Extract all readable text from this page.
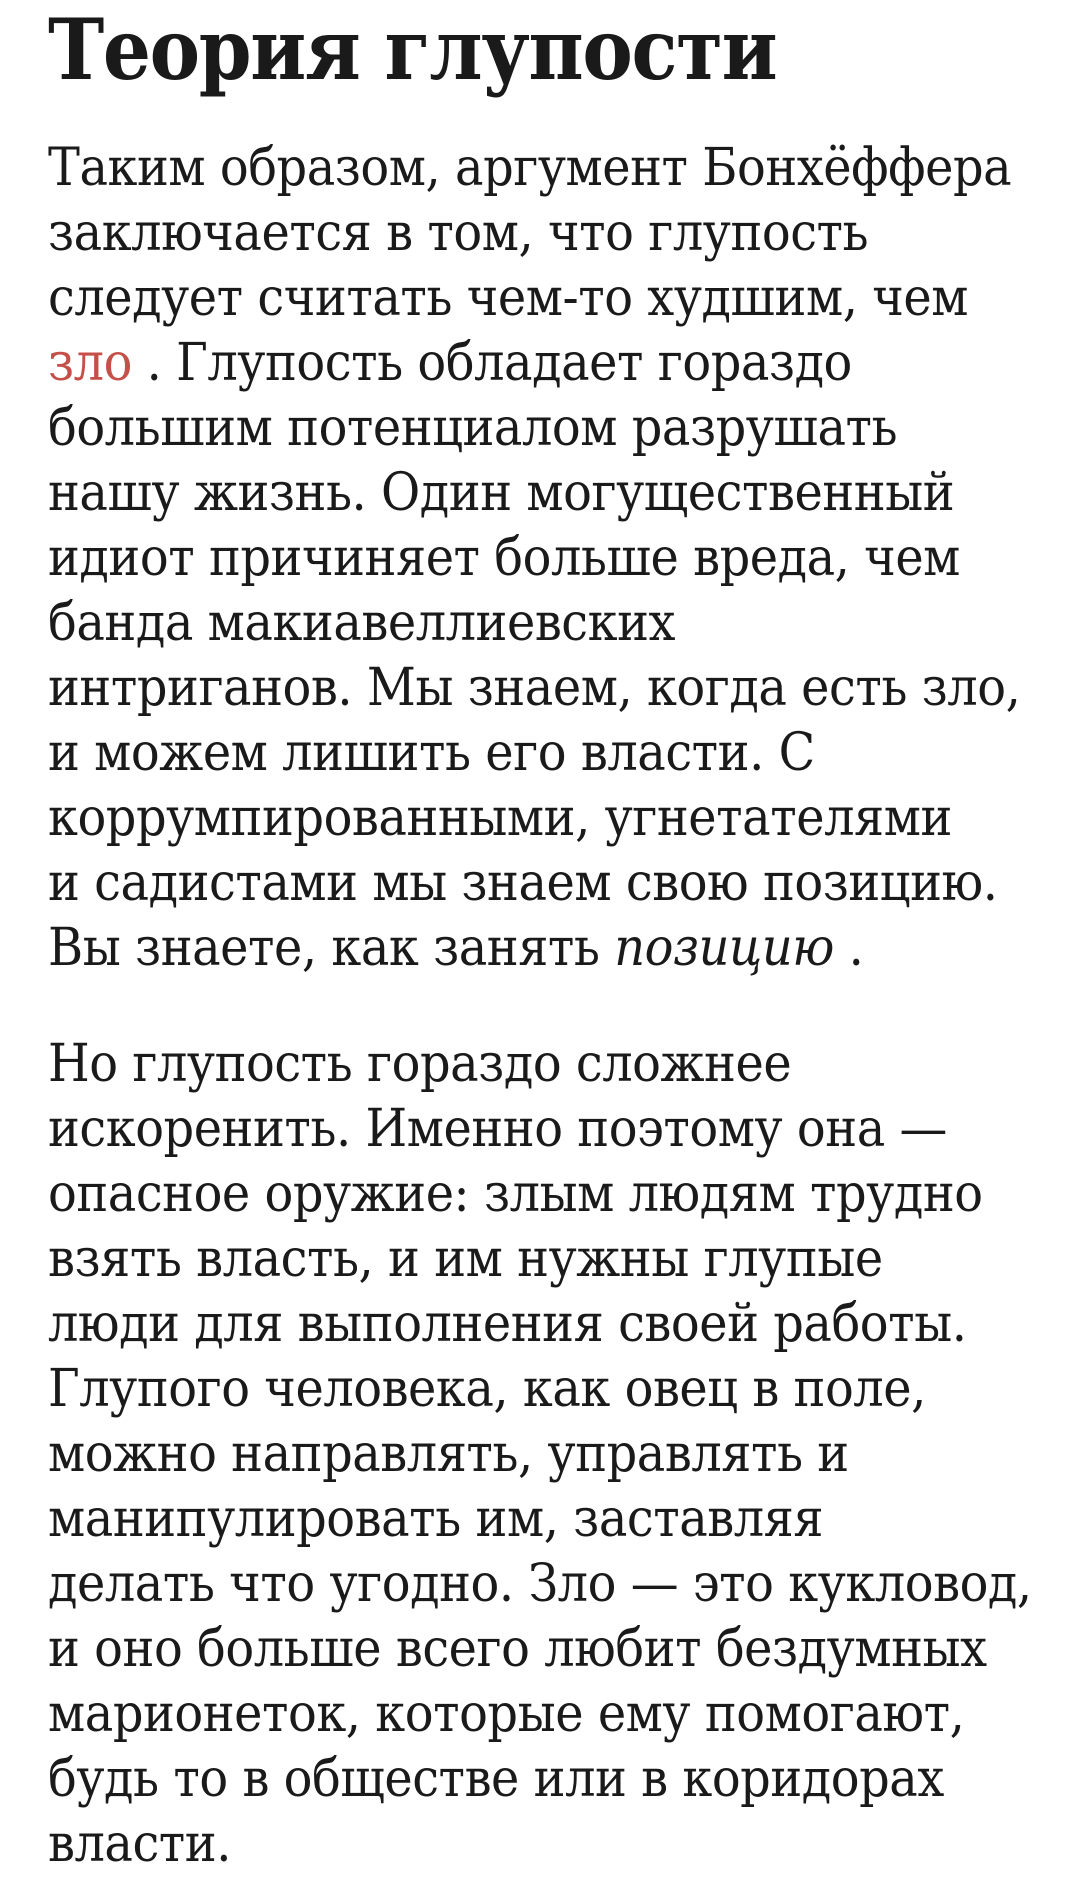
Теория глупости
Таким образом, аргумент Бонхёффера
заключается в том, что глупость
следует считать чем-то худшим, чем
зло . Глупость обладает гораздо
большим потенциалом разрушать
нашу жизнь. Один могущественный
идиот причиняет больше вреда, чем
банда макиавеллиевских
интриганов. Мы знаем, когда есть зло,
и можем лишить его власти. С
коррумпированными, угнетателями
и садистами мы знаем свою позицию.
Вы знаете, как занять позицию .
Но глупость гораздо сложнее
искоренить. Именно поэтому она —
опасное оружие: злым людям трудно
взять власть, и им нужны глупые
люди для выполнения своей работы.
Глупого человека, как овец в поле,
можно направлять, управлять и
манипулировать им, заставляя
делать что угодно. Зло — это кукловод,
и оно больше всего любит бездумных
марионеток, которые ему помогают,
будь то в обществе или в коридорах
власти.
